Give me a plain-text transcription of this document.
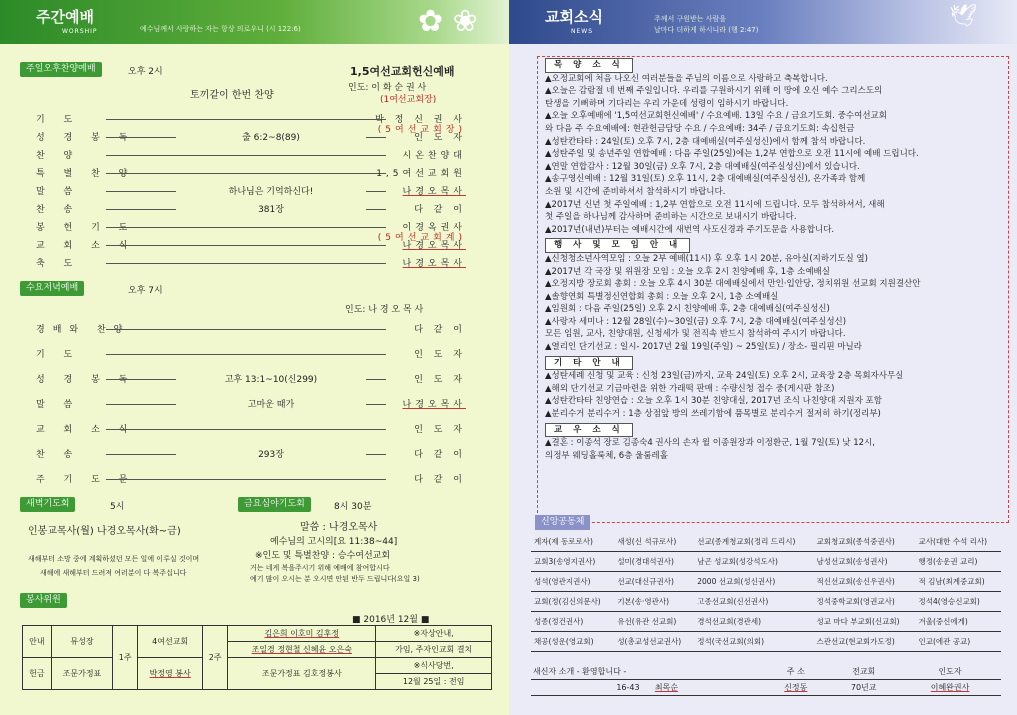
✿ ❀
주간예배
WORSHIP	예수님께서 사랑하는 자는 항상 의로우니 (시 122:6)
주일오후찬양예배	오후 2시	1,5여선교회헌신예배
토끼같이 한번 찬양
인도: 이 화 순 권 사
(1여선교회장)
기 도	박 정 신 권 사
(5여선교회장)
성 경 봉 독	출 6:2~8(89)	인 도 자
찬 양	시온찬양대
특 별 찬 양	1,5여선교회원
말 씀	하나님은 기억하신다!	나경오목사
찬 송	381장	다 같 이
봉 헌 기 도	이경옥권사
(5여선교회계)
교 회 소 식	나경오목사
축 도	나경오목사
수요저녁예배	오후 7시
인도: 나 경 오 목 사
경배와 찬양	다 같 이
기 도	인 도 자
성 경 봉 독	고후 13:1~10(신299)	인 도 자
말 씀	고마운 때가	나경오목사
교 회 소 식	인 도 자
찬 송	293장	다 같 이
주 기 도 문	다 같 이
새벽기도회	5시
인봉교목사(월) 나경오목사(화~금)
새해부터 소망 중에 계획하셨던 모든 일에 이루실 것이며
새해에 새해부터 드려져 여러분이 다 복주십니다
금요심야기도회	8시 30분
말씀 : 나경오목사
예수님의 고시의[요 11:38~44]
※인도 및 특별찬양 : 승수여선교회
거는 네게 복을주시기 위해 예배에 참여합시다
예기 많이 오시는 분 오시면 안된 반두 드립니다(요일 3)
봉사위원
■ 2016년 12월 ■
안내	뮤성장	1주	4여선교회	2주	김은희 이호미 김후정	※자상안내,
					조일경 정현철 신혜윤 오은숙	가임, 주자인교회 결치
헌금	조문가정표		박정영 봉사		조문가정표 김호정봉사	※식사당번,
						12월 25일 : 전임
🕊
교회소식
NEWS
주께서 구원받는 사람을
날마다 더하게 하시니라 (행 2:47)
목 양 소 식
▲오정교회에 처음 나오신 여러분들을 주님의 이름으로 사랑하고 축복합니다.
▲오늘은 감람절 네 번째 주일입니다. 우리를 구원하시기 위해 이 땅에 오신 예수 그리스도의
탄생을 기뻐하며 기다리는 우리 가운데 성령이 임하시기 바랍니다.
▲오늘 오후예배에 '1,5여선교회헌신예배' / 수요예배. 13일 수요 / 금요기도회. 중수여선교회
와 다음 주 수요예배에: 현관헌금담당 수요 / 수요예배: 34주 / 금요기도회: 속십헌금
▲성탄칸타타 : 24일(토) 오후 7시, 2층 대예배실(여주실성신)에서 함께 참석 바랍니다.
▲성탄주일 및 송년주일 연합예배 : 다음 주일(25일)에는 1,2부 연합으로 오전 11시에 예배 드립니다.
▲연말 연합감사 : 12월 30일(금) 오후 7시, 2층 대예배실(여주실성신)에서 있습니다.
▲송구영신예배 : 12월 31일(토) 오후 11시, 2층 대예배실(여주실성신), 온가족과 함께
소원 및 시간에 준비하셔서 참석하시기 바랍니다.
▲2017년 신년 첫 주일예배 : 1,2부 연합으로 오전 11시에 드립니다. 모두 참석하셔서, 새해
첫 주일을 하나님께 감사하며 준비하는 시간으로 보내시기 바랍니다.
▲2017년(내년)부터는 예배시간에 새번역 사도신경과 주기도문을 사용합니다.
행 사 및 모 임 안 내
▲신청청소년사역모임 : 오늘 2부 예배(11시) 후 오후 1시 20분, 유아실(지하기도실 옆)
▲2017년 각 국장 및 위원장 모임 : 오늘 오후 2시 친양예배 후, 1층 소예배실
▲오정지방 장로회 총회 : 오늘 오후 4시 30분 대예배실에서 만인·입안당, 정치위원 선교회 지원결산안
▲솔향연회 특별정신연합회 총회 : 오늘 오후 2시, 1층 소예배실
▲임원회 : 다음 주일(25일) 오후 2시 친양예배 후, 2층 대예배실(여주실성신)
▲사랑자 세미나 : 12월 28일(수)~30일(금) 오후 7시, 2층 대예배실(여주실성신)
모든 임원, 교사, 친양대원, 신청세가 및 전직속 반드시 참석하여 주시기 바랍니다.
▲열리인 단기선교 : 일시- 2017년 2월 19일(주일) ~ 25일(토) / 장소- 필리핀 마닐라
기 타 안 내
▲성탄세례 신청 및 교육 : 신청 23일(금)까지, 교육 24일(토) 오후 2시, 교육장 2층 목회자사무실
▲해외 단기선교 기금마련을 위한 가래떡 판매 : 수량신청 접수 중(게시판 참조)
▲성탄칸타타 친양연습 : 오늘 오후 1시 30분 친양대실, 2017년 조식 나친양대 지원자 포함
▲분리수거 분리수거 : 1층 상점앞 방의 쓰레기함에 품목별로 분리수거 절저히 하기(정리부)
교 우 소 식
▲결혼 : 이종석 장로 김종숙4 권사의 손자 윌 이종원장과 이정환군, 1월 7일(토) 낮 12시,
의정부 웨딩홀룩체, 6층 울룸레홀
신앙공동체
계자(제 동로로사)	새성(신 석규로사)	선교(종계청교회(정리 드리시)	교회청교회(종석중권사)	교사(대한 수석 리사)
교회3(송영지권사)	설미(경대석권사)	남곤 성교회(성강석도사)	남성선교회(송성권사)	행정(송운권 교리)
성석(영관지권사)	선교(대신규권사)	2000 선교회(성신권사)	적신선교회(송신우권사)	적 김남(최계중교회)
교회(정(김신의문사)	기본(송·영관사)	고종선교회(신선권사)	정석중학교회(영권교사)	정석4(영승신교회)
성종(정건권사)	유선(유관 선교회)	경석선교회(경관세)	성교 마다 부교회(신교회)	겨울(중신에게)
채공(성운(영교회)	성(총교성선교권사)	정석(국선교회(의회)	스관선교(현교회가도정)	인교(에관 공교)
새신자 소개 - 환영합니다 -	주 소	전교회	인도자
16-43 최목순	신정동	70년교	이혜완권사
